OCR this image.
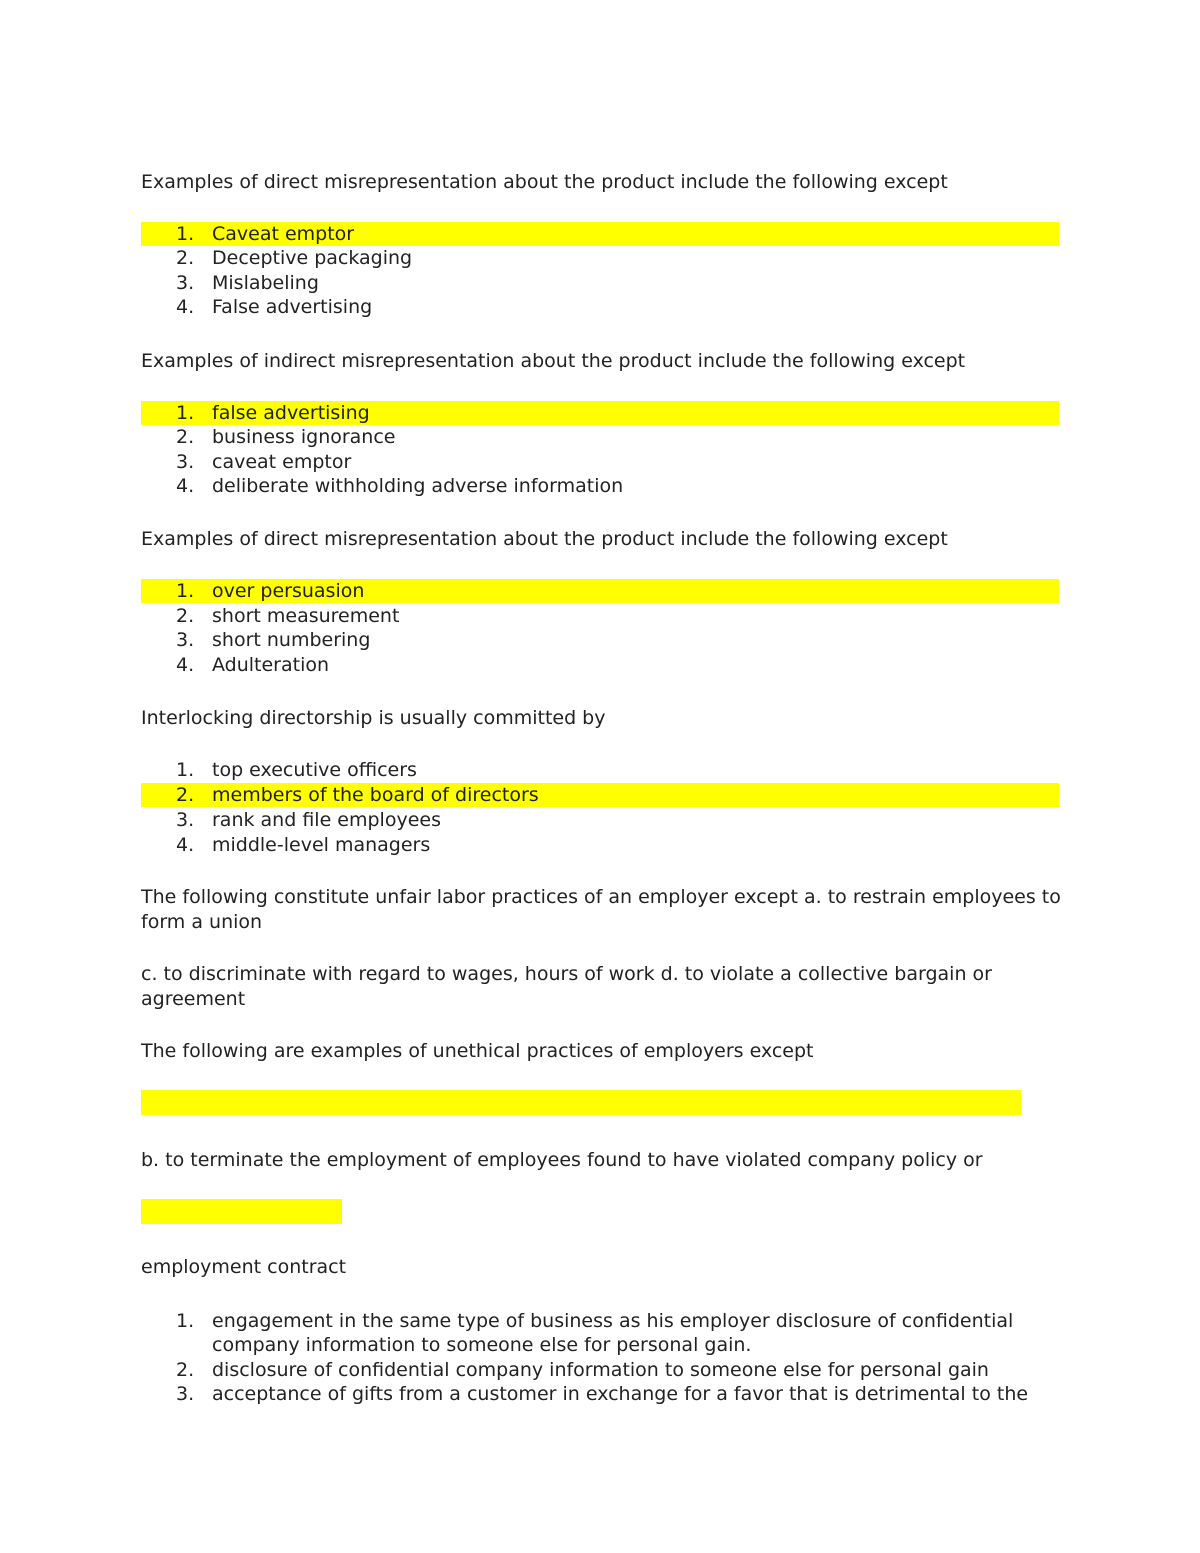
Examples of direct misrepresentation about the product include the following except

1. Caveat emptor
2. Deceptive packaging
3. Mislabeling
4. False advertising

Examples of indirect misrepresentation about the product include the following except

1. false advertising
2. business ignorance
3. caveat emptor
4. deliberate withholding adverse information

Examples of direct misrepresentation about the product include the following except

1. over persuasion
2. short measurement
3. short numbering
4. Adulteration

Interlocking directorship is usually committed by

1. top executive officers
2. members of the board of directors
3. rank and file employees
4. middle-level managers

The following constitute unfair labor practices of an employer except a. to restrain employees to form a union

c. to discriminate with regard to wages, hours of work d. to violate a collective bargain or agreement

The following are examples of unethical practices of employers except

b. to terminate the employment of employees found to have violated company policy or

employment contract

1. engagement in the same type of business as his employer disclosure of confidential company information to someone else for personal gain.
2. disclosure of confidential company information to someone else for personal gain
3. acceptance of gifts from a customer in exchange for a favor that is detrimental to the
